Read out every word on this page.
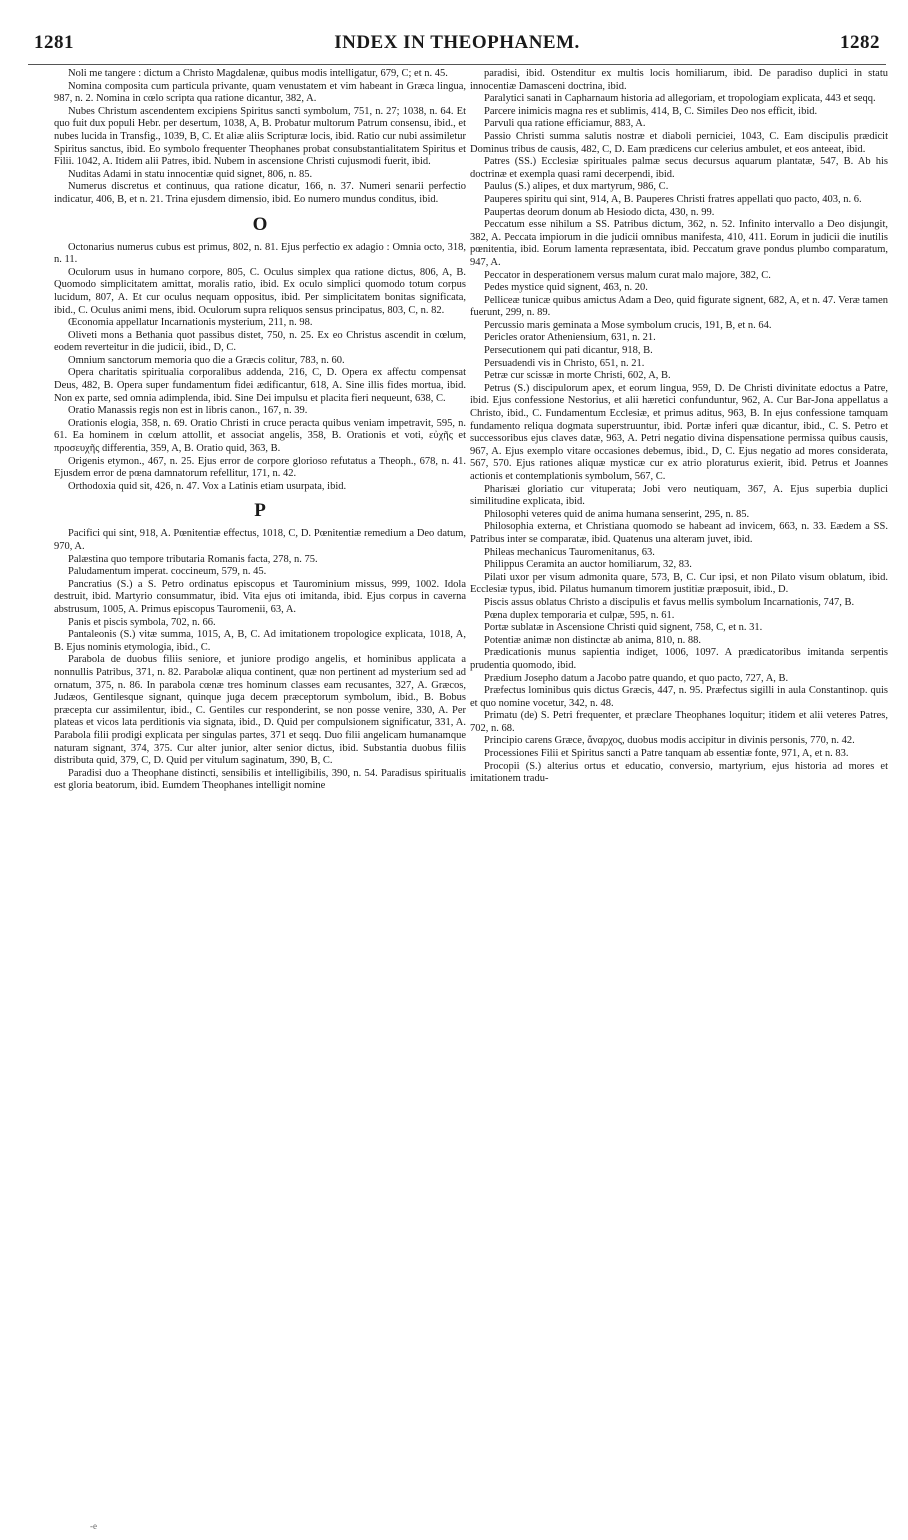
1281	INDEX IN THEOPHANEM.	1282

Noli me tangere : dictum a Christo Magdalenæ, quibus modis intelligatur, 679, C; et n. 45.

Nomina composita cum particula privante, quam venustatem et vim habeant in Græca lingua, 987, n. 2. Nomina in cœlo scripta qua ratione dicantur, 382, A.

Nubes Christum ascendentem excipiens Spiritus sancti symbolum, 751, n. 27; 1038, n. 64. Et quo fuit dux populi Hebr. per desertum, 1038, A, B. Probatur multorum Patrum consensu, ibid., et nubes lucida in Transfig., 1039, B, C. Et aliæ aliis Scripturæ locis, ibid. Ratio cur nubi assimiletur Spiritus sanctus, ibid. Eo symbolo frequenter Theophanes probat consubstantialitatem Spiritus et Filii. 1042, A. Itidem alii Patres, ibid. Nubem in ascensione Christi cujusmodi fuerit, ibid.

Nuditas Adami in statu innocentiæ quid signet, 806, n. 85.

Numerus discretus et continuus, qua ratione dicatur, 166, n. 37. Numeri senarii perfectio indicatur, 406, B, et n. 21. Trina ejusdem dimensio, ibid. Eo numero mundus conditus, ibid.

O

Octonarius numerus cubus est primus, 802, n. 81. Ejus perfectio ex adagio : Omnia octo, 318, n. 11.

Oculorum usus in humano corpore, 805, C. Oculus simplex qua ratione dictus, 806, A, B. Quomodo simplicitatem amittat, moralis ratio, ibid. Ex oculo simplici quomodo totum corpus lucidum, 807, A. Et cur oculus nequam oppositus, ibid. Per simplicitatem bonitas significata, ibid., C. Oculus animi mens, ibid. Oculorum supra reliquos sensus principatus, 803, C, n. 82.

Œconomia appellatur Incarnationis mysterium, 211, n. 98.

Oliveti mons a Bethania quot passibus distet, 750, n. 25. Ex eo Christus ascendit in cœlum, eodem reverteitur in die judicii, ibid., D, C.

Omnium sanctorum memoria quo die a Græcis colitur, 783, n. 60.

Opera charitatis spiritualia corporalibus addenda, 216, C, D. Opera ex affectu compensat Deus, 482, B. Opera super fundamentum fidei ædificantur, 618, A. Sine illis fides mortua, ibid. Non ex parte, sed omnia adimplenda, ibid. Sine Dei impulsu et placita fieri nequeunt, 638, C.

Oratio Manassis regis non est in libris canon., 167, n. 39.

Orationis elogia, 358, n. 69. Oratio Christi in cruce peracta quibus veniam impetravit, 595, n. 61. Ea hominem in cœlum attollit, et associat angelis, 358, B. Orationis et voti, εὐχῆς et προσευχῆς differentia, 359, A, B. Oratio quid, 363, B.

Origenis etymon., 467, n. 25. Ejus error de corpore glorioso refutatus a Theoph., 678, n. 41. Ejusdem error de pœna damnatorum refellitur, 171, n. 42.

Orthodoxia quid sit, 426, n. 47. Vox a Latinis etiam usurpata, ibid.

P

Pacifici qui sint, 918, A. Pœnitentiæ effectus, 1018, C, D. Pœnitentiæ remedium a Deo datum, 970, A.

Palæstina quo tempore tributaria Romanis facta, 278, n. 75.

Paludamentum imperat. coccineum, 579, n. 45.

Pancratius (S.) a S. Petro ordinatus episcopus et Taurominium missus, 999, 1002. Idola destruit, ibid. Martyrio consummatur, ibid. Vita ejus oti imitanda, ibid. Ejus corpus in caverna abstrusum, 1005, A. Primus episcopus Tauromenii, 63, A.

Panis et piscis symbola, 702, n. 66.

Pantaleonis (S.) vitæ summa, 1015, A, B, C. Ad imitationem tropologice explicata, 1018, A, B. Ejus nominis etymologia, ibid., C.

Parabola de duobus filiis seniore, et juniore prodigo angelis, et hominibus applicata a nonnullis Patribus, 371, n. 82. Parabolæ aliqua continent, quæ non pertinent ad mysterium sed ad ornatum, 375, n. 86. In parabola cœnæ tres hominum classes eam recusantes, 327, A. Græcos, Judæos, Gentilesque signant, quinque juga decem præceptorum symbolum, ibid., B. Bobus præcepta cur assimilentur, ibid., C. Gentiles cur responderint, se non posse venire, 330, A. Per plateas et vicos lata perditionis via signata, ibid., D. Quid per compulsionem significatur, 331, A. Parabola filii prodigi explicata per singulas partes, 371 et seqq. Duo filii angelicam humanamque naturam signant, 374, 375. Cur alter junior, alter senior dictus, ibid. Substantia duobus filiis distributa quid, 379, C, D. Quid per vitulum saginatum, 390, B, C.

Paradisi duo a Theophane distincti, sensibilis et intelligibilis, 390, n. 54. Paradisus spiritualis est gloria beatorum, ibid. Eumdem Theophanes intelligit nomine

paradisi, ibid. Ostenditur ex multis locis homiliarum, ibid. De paradiso duplici in statu innocentiæ Damasceni doctrina, ibid.

Paralytici sanati in Capharnaum historia ad allegoriam, et tropologiam explicata, 443 et seqq.

Parcere inimicis magna res et sublimis, 414, B, C. Similes Deo nos efficit, ibid.

Parvuli qua ratione efficiamur, 883, A.

Passio Christi summa salutis nostræ et diaboli perniciei, 1043, C. Eam discipulis prædicit Dominus tribus de causis, 482, C, D. Eam prædicens cur celerius ambulet, et eos anteeat, ibid.

Patres (SS.) Ecclesiæ spirituales palmæ secus decursus aquarum plantatæ, 547, B. Ab his doctrinæ et exempla quasi rami decerpendi, ibid.

Paulus (S.) alipes, et dux martyrum, 986, C.

Pauperes spiritu qui sint, 914, A, B. Pauperes Christi fratres appellati quo pacto, 403, n. 6.

Paupertas deorum donum ab Hesiodo dicta, 430, n. 99.

Peccatum esse nihilum a SS. Patribus dictum, 362, n. 52. Infinito intervallo a Deo disjungit, 382, A. Peccata impiorum in die judicii omnibus manifesta, 410, 411. Eorum in judicii die inutilis pœnitentia, ibid. Eorum lamenta repræsentata, ibid. Peccatum grave pondus plumbo comparatum, 947, A.

Peccator in desperationem versus malum curat malo majore, 382, C.

Pedes mystice quid signent, 463, n. 20.

Pelliceæ tunicæ quibus amictus Adam a Deo, quid figurate signent, 682, A, et n. 47. Veræ tamen fuerunt, 299, n. 89.

Percussio maris geminata a Mose symbolum crucis, 191, B, et n. 64.

Pericles orator Atheniensium, 631, n. 21.

Persecutionem qui pati dicantur, 918, B.

Persuadendi vis in Christo, 651, n. 21.

Petræ cur scissæ in morte Christi, 602, A, B.

Petrus (S.) discipulorum apex, et eorum lingua, 959, D. De Christi divinitate edoctus a Patre, ibid. Ejus confessione Nestorius, et alii hæretici confunduntur, 962, A. Cur Bar-Jona appellatus a Christo, ibid., C. Fundamentum Ecclesiæ, et primus aditus, 963, B. In ejus confessione tamquam fundamento reliqua dogmata superstruuntur, ibid. Portæ inferi quæ dicantur, ibid., C. S. Petro et successoribus ejus claves datæ, 963, A. Petri negatio divina dispensatione permissa quibus causis, 967, A. Ejus exemplo vitare occasiones debemus, ibid., D, C. Ejus negatio ad mores considerata, 567, 570. Ejus rationes aliquæ mysticæ cur ex atrio ploraturus exierit, ibid. Petrus et Joannes actionis et contemplationis symbolum, 567, C.

Pharisæi gloriatio cur vituperata; Jobi vero neutiquam, 367, A. Ejus superbia duplici similitudine explicata, ibid.

Philosophi veteres quid de anima humana senserint, 295, n. 85.

Philosophia externa, et Christiana quomodo se habeant ad invicem, 663, n. 33. Eædem a SS. Patribus inter se comparatæ, ibid. Quatenus una alteram juvet, ibid.

Phileas mechanicus Tauromenitanus, 63.

Philippus Ceramita an auctor homiliarum, 32, 83.

Pilati uxor per visum admonita quare, 573, B, C. Cur ipsi, et non Pilato visum oblatum, ibid. Ecclesiæ typus, ibid. Pilatus humanum timorem justitiæ præposuit, ibid., D.

Piscis assus oblatus Christo a discipulis et favus mellis symbolum Incarnationis, 747, B.

Pœna duplex temporaria et culpæ, 595, n. 61.

Portæ sublatæ in Ascensione Christi quid signent, 758, C, et n. 31.

Potentiæ animæ non distinctæ ab anima, 810, n. 88.

Prædicationis munus sapientia indiget, 1006, 1097. A prædicatoribus imitanda serpentis prudentia quomodo, ibid.

Prædium Josepho datum a Jacobo patre quando, et quo pacto, 727, A, B.

Præfectus lominibus quis dictus Græcis, 447, n. 95. Præfectus sigilli in aula Constantinop. quis et quo nomine vocetur, 342, n. 48.

Primatu (de) S. Petri frequenter, et præclare Theophanes loquitur; itidem et alii veteres Patres, 702, n. 68.

Principio carens Græce, ἄναρχος, duobus modis accipitur in divinis personis, 770, n. 42.

Processiones Filii et Spiritus sancti a Patre tanquam ab essentiæ fonte, 971, A, et n. 83.

Procopii (S.) alterius ortus et educatio, conversio, martyrium, ejus historia ad mores et imitationem tradu-

-e
